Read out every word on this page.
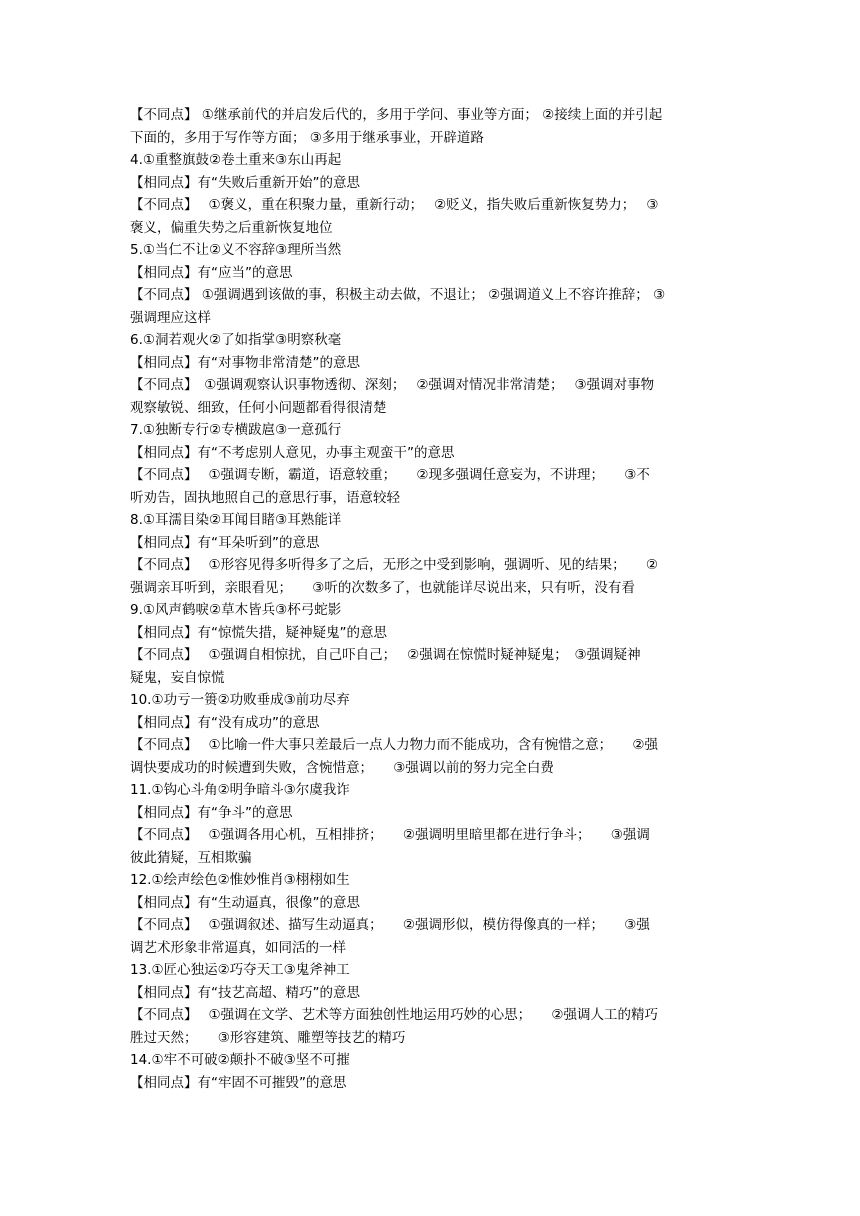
【不同点】 ①继承前代的并启发后代的，多用于学问、事业等方面； ②接续上面的并引起

下面的，多用于写作等方面； ③多用于继承事业，开辟道路

4.①重整旗鼓②卷土重来③东山再起

【相同点】有“失败后重新开始”的意思

【不同点】　 ①褒义，重在积聚力量，重新行动；　 ②贬义，指失败后重新恢复势力；　 ③

褒义，偏重失势之后重新恢复地位

5.①当仁不让②义不容辞③理所当然

【相同点】有“应当”的意思

【不同点】 ①强调遇到该做的事，积极主动去做，不退让； ②强调道义上不容许推辞； ③

强调理应这样

6.①洞若观火②了如指掌③明察秋毫

【相同点】有“对事物非常清楚”的意思

【不同点】　①强调观察认识事物透彻、深刻；　 ②强调对情况非常清楚；　 ③强调对事物

观察敏锐、细致，任何小问题都看得很清楚

7.①独断专行②专横跋扈③一意孤行

【相同点】有“不考虑别人意见，办事主观蛮干”的意思

【不同点】　 ①强调专断，霸道，语意较重；　　②现多强调任意妄为，不讲理；　　③不

听劝告，固执地照自己的意思行事，语意较轻

8.①耳濡目染②耳闻目睹③耳熟能详

【相同点】有“耳朵听到”的意思

【不同点】　 ①形容见得多听得多了之后，无形之中受到影响，强调听、见的结果；　　②

强调亲耳听到，亲眼看见；　　③听的次数多了，也就能详尽说出来，只有听，没有看

9.①风声鹤唳②草木皆兵③杯弓蛇影

【相同点】有“惊慌失措，疑神疑鬼”的意思

【不同点】　 ①强调自相惊扰，自己吓自己；　 ②强调在惊慌时疑神疑鬼；　③强调疑神

疑鬼，妄自惊慌

10.①功亏一篑②功败垂成③前功尽弃

【相同点】有“没有成功”的意思

【不同点】　 ①比喻一件大事只差最后一点人力物力而不能成功，含有惋惜之意；　　②强

调快要成功的时候遭到失败，含惋惜意；　　③强调以前的努力完全白费

11.①钩心斗角②明争暗斗③尔虞我诈

【相同点】有“争斗”的意思

【不同点】　 ①强调各用心机，互相排挤；　　②强调明里暗里都在进行争斗；　　③强调

彼此猜疑，互相欺骗

12.①绘声绘色②惟妙惟肖③栩栩如生

【相同点】有“生动逼真，很像”的意思

【不同点】　 ①强调叙述、描写生动逼真；　　②强调形似，模仿得像真的一样；　　③强

调艺术形象非常逼真，如同活的一样

13.①匠心独运②巧夺天工③鬼斧神工

【相同点】有“技艺高超、精巧”的意思

【不同点】　 ①强调在文学、艺术等方面独创性地运用巧妙的心思；　　②强调人工的精巧

胜过天然；　　③形容建筑、雕塑等技艺的精巧

14.①牢不可破②颠扑不破③坚不可摧

【相同点】有“牢固不可摧毁”的意思
